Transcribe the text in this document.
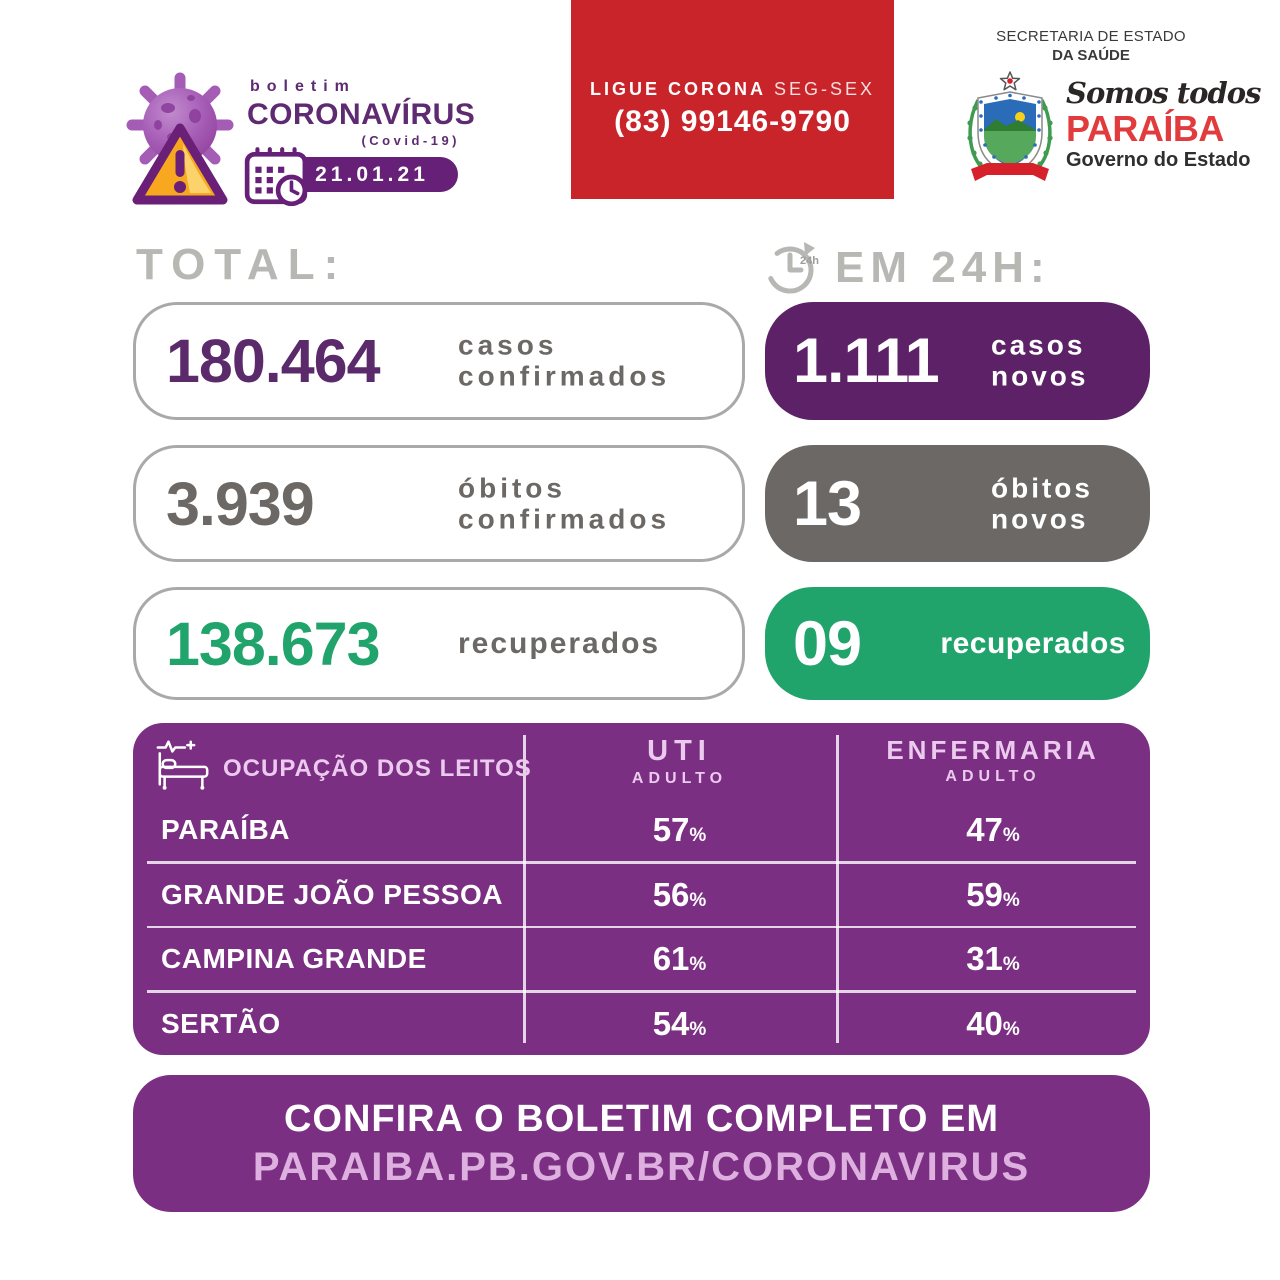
boletim
CORONAVÍRUS
(Covid-19)
21.01.21
LIGUE CORONA SEG-SEX
(83) 99146-9790
SECRETARIA DE ESTADO
DA SAÚDE
Somos todos
PARAÍBA
Governo do Estado
TOTAL:	24h EM 24H:
180.464	casos
confirmados
3.939	óbitos
confirmados
138.673	recuperados
1.111 casos
novos
13	óbitos
novos
09	recuperados
OCUPAÇÃO DOS LEITOS
UTI
ADULTO
ENFERMARIA
ADULTO
PARAÍBA	57%	47%
GRANDE JOÃO PESSOA	56%	59%
CAMPINA GRANDE	61%	31%
SERTÃO	54%	40%
CONFIRA O BOLETIM COMPLETO EM
PARAIBA.PB.GOV.BR/CORONAVIRUS
